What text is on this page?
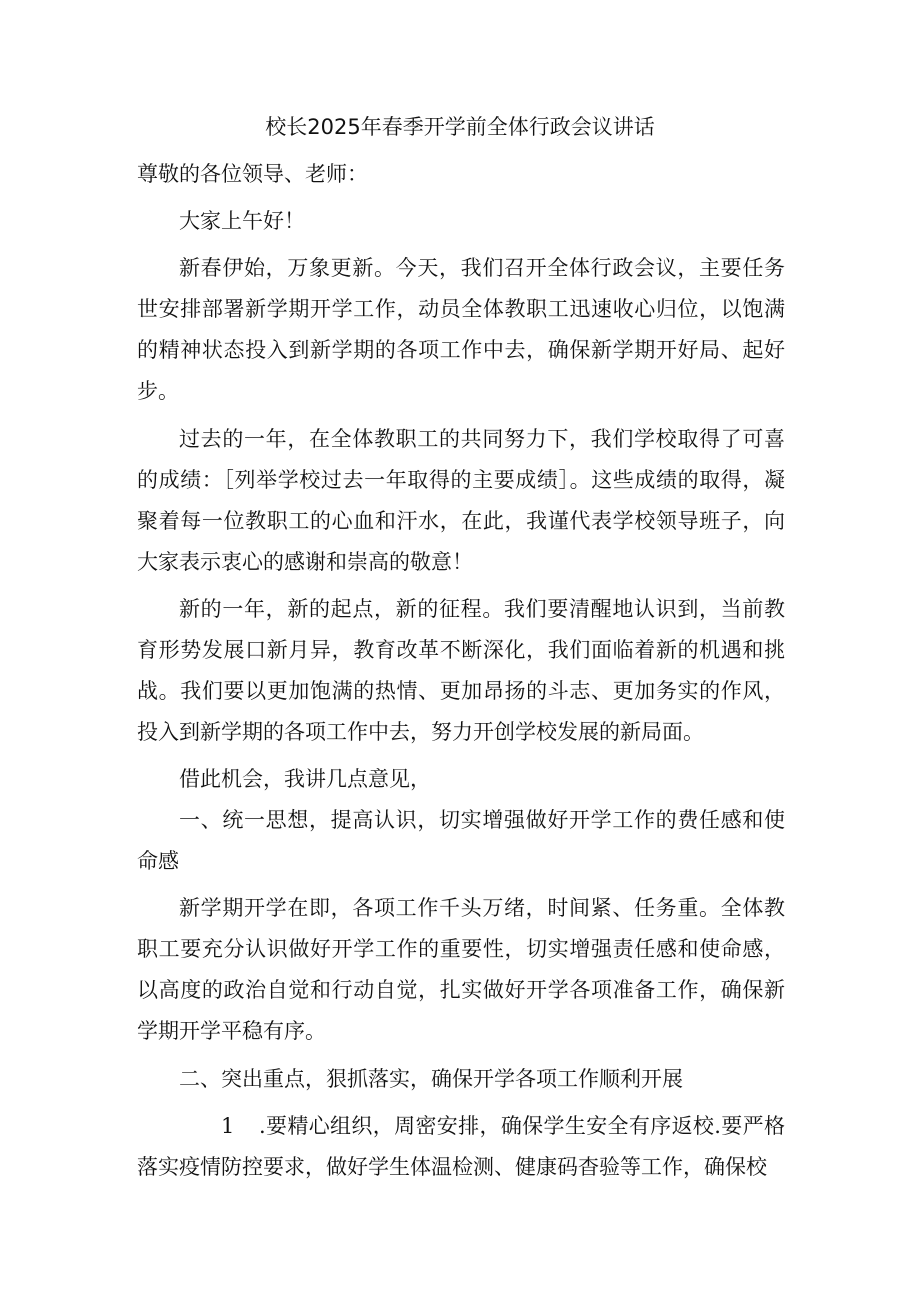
校长2025年春季开学前全体行政会议讲话

尊敬的各位领导、老师：

大家上午好！

新春伊始，万象更新。今天，我们召开全体行政会议，主要任务世安排部署新学期开学工作，动员全体教职工迅速收心归位，以饱满的精神状态投入到新学期的各项工作中去，确保新学期开好局、起好步。

过去的一年，在全体教职工的共同努力下，我们学校取得了可喜的成绩：［列举学校过去一年取得的主要成绩］。这些成绩的取得，凝聚着每一位教职工的心血和汗水，在此，我谨代表学校领导班子，向大家表示衷心的感谢和崇高的敬意！

新的一年，新的起点，新的征程。我们要清醒地认识到，当前教育形势发展口新月异，教育改革不断深化，我们面临着新的机遇和挑战。我们要以更加饱满的热情、更加昂扬的斗志、更加务实的作风，投入到新学期的各项工作中去，努力开创学校发展的新局面。

借此机会，我讲几点意见，

一、统一思想，提高认识，切实增强做好开学工作的费任感和使命感

新学期开学在即，各项工作千头万绪，时间紧、任务重。全体教职工要充分认识做好开学工作的重要性，切实增强责任感和使命感，以高度的政治自觉和行动自觉，扎实做好开学各项准备工作，确保新学期开学平稳有序。

二、突出重点，狠抓落实，确保开学各项工作顺利开展

1 .要精心组织，周密安排，确保学生安全有序返校.要严格落实疫情防控要求，做好学生体温检测、健康码杳验等工作，确保校
